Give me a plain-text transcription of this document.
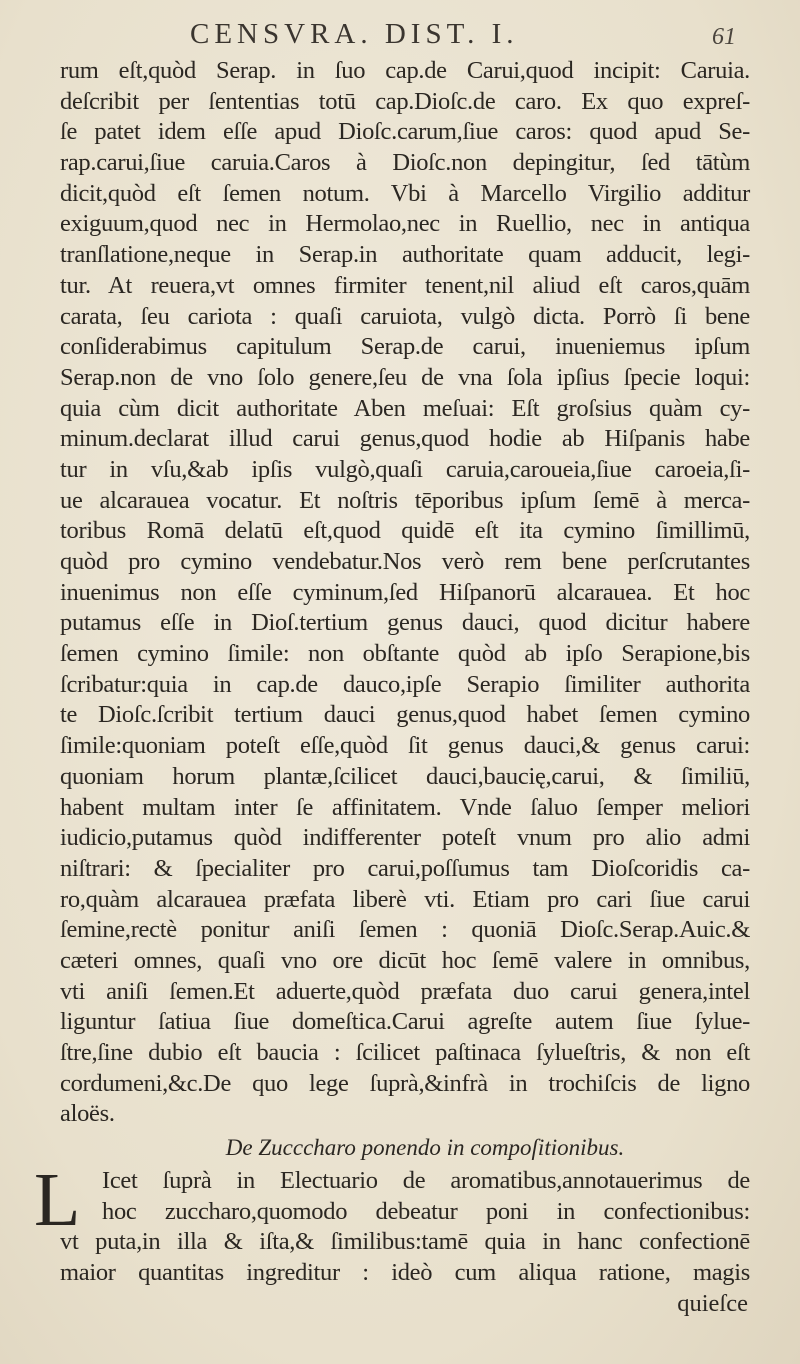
CENSVRA. DIST. I.	61
rum eſt,quòd Serap. in ſuo cap.de Carui,quod incipit: Caruia.
deſcribit per ſententias totū cap.Dioſc.de caro. Ex quo expreſ-
ſe patet idem eſſe apud Dioſc.carum,ſiue caros: quod apud Se-
rap.carui,ſiue caruia.Caros à Dioſc.non depingitur, ſed tātùm
dicit,quòd eſt ſemen notum. Vbi à Marcello Virgilio additur
exiguum,quod nec in Hermolao,nec in Ruellio, nec in antiqua
tranſlatione,neque in Serap.in authoritate quam adducit, legi-
tur. At reuera,vt omnes firmiter tenent,nil aliud eſt caros,quām
carata, ſeu cariota : quaſi caruiota, vulgò dicta. Porrò ſi bene
conſiderabimus capitulum Serap.de carui, inueniemus ipſum
Serap.non de vno ſolo genere,ſeu de vna ſola ipſius ſpecie loqui:
quia cùm dicit authoritate Aben meſuai: Eſt groſsius quàm cy-
minum.declarat illud carui genus,quod hodie ab Hiſpanis habe
tur in vſu,&ab ipſis vulgò,quaſi caruia,caroueia,ſiue caroeia,ſi-
ue alcarauea vocatur. Et noſtris tēporibus ipſum ſemē à merca-
toribus Romā delatū eſt,quod quidē eſt ita cymino ſimillimū,
quòd pro cymino vendebatur.Nos verò rem bene perſcrutantes
inuenimus non eſſe cyminum,ſed Hiſpanorū alcarauea. Et hoc
putamus eſſe in Dioſ.tertium genus dauci, quod dicitur habere
ſemen cymino ſimile: non obſtante quòd ab ipſo Serapione,bis
ſcribatur:quia in cap.de dauco,ipſe Serapio ſimiliter authorita
te Dioſc.ſcribit tertium dauci genus,quod habet ſemen cymino
ſimile:quoniam poteſt eſſe,quòd ſit genus dauci,& genus carui:
quoniam horum plantæ,ſcilicet dauci,baucię,carui, & ſimiliū,
habent multam inter ſe affinitatem. Vnde ſaluo ſemper meliori
iudicio,putamus quòd indifferenter poteſt vnum pro alio admi
niſtrari: & ſpecialiter pro carui,poſſumus tam Dioſcoridis ca-
ro,quàm alcarauea præfata liberè vti. Etiam pro cari ſiue carui
ſemine,rectè ponitur aniſi ſemen : quoniā Dioſc.Serap.Auic.&
cæteri omnes, quaſi vno ore dicūt hoc ſemē valere in omnibus,
vti aniſi ſemen.Et aduerte,quòd præfata duo carui genera,intel
liguntur ſatiua ſiue domeſtica.Carui agreſte autem ſiue ſylue-
ſtre,ſine dubio eſt baucia : ſcilicet paſtinaca ſylueſtris, & non eſt
cordumeni,&c.De quo lege ſuprà,&infrà in trochiſcis de ligno
aloës.
De Zucccharo ponendo in compoſitionibus.
L Icet ſuprà in Electuario de aromatibus,annotauerimus de
hoc zuccharo,quomodo debeatur poni in confectionibus:
vt puta,in illa & iſta,& ſimilibus:tamē quia in hanc confectionē
maior quantitas ingreditur : ideò cum aliqua ratione, magis
quieſce
